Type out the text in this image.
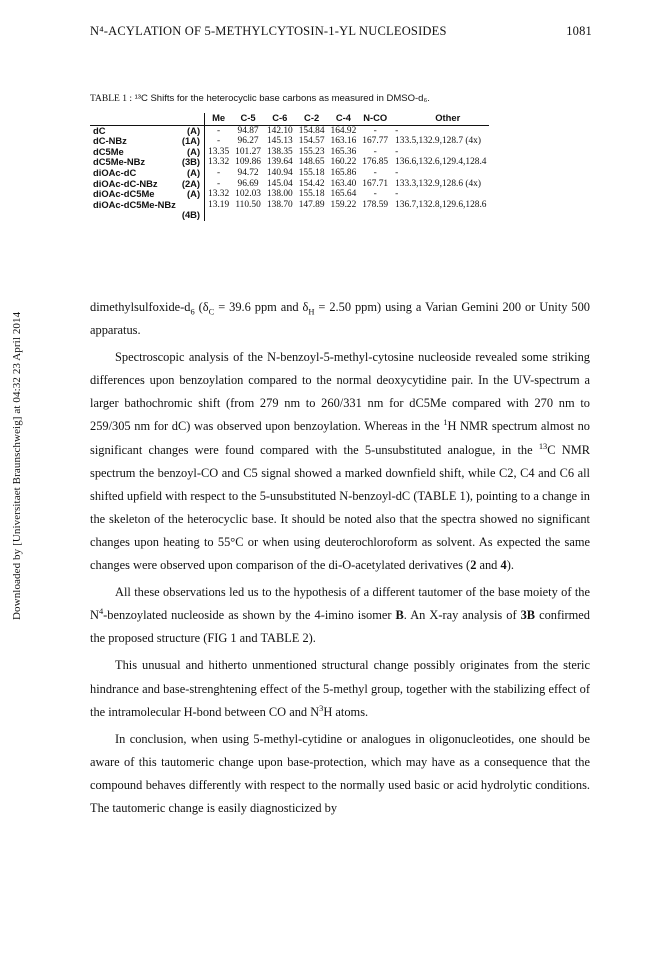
N⁴-ACYLATION OF 5-METHYLCYTOSIN-1-YL NUCLEOSIDES	1081
Downloaded by [Universitaet Braunschweig] at 04:32 23 April 2014
TABLE 1 : ¹³C Shifts for the heterocyclic base carbons as measured in DMSO-d₆.
		Me	C-5	C-6	C-2	C-4	N-CO	Other
dC	(A)	-	94.87	142.10	154.84	164.92	-	-
dC-NBz	(1A)	-	96.27	145.13	154.57	163.16	167.77	133.5,132.9,128.7 (4x)
dC5Me	(A)	13.35	101.27	138.35	155.23	165.36	-	-
dC5Me-NBz	(3B)	13.32	109.86	139.64	148.65	160.22	176.85	136.6,132.6,129.4,128.4
diOAc-dC	(A)	-	94.72	140.94	155.18	165.86	-	-
diOAc-dC-NBz	(2A)	-	96.69	145.04	154.42	163.40	167.71	133.3,132.9,128.6 (4x)
diOAc-dC5Me	(A)	13.32	102.03	138.00	155.18	165.64	-	-
diOAc-dC5Me-NBz		13.19	110.50	138.70	147.89	159.22	178.59	136.7,132.8,129.6,128.6
	(4B)							

dimethylsulfoxide-$d_6$ ($\delta_C = 39.6$ ppm and $\delta_H = 2.50$ ppm) using a Varian Gemini 200 or Unity 500 apparatus.

Spectroscopic analysis of the N-benzoyl-5-methyl-cytosine nucleoside revealed some striking differences upon benzoylation compared to the normal deoxycytidine pair. In the UV-spectrum a larger bathochromic shift (from 279 nm to 260/331 nm for dC5Me compared with 270 nm to 259/305 nm for dC) was observed upon benzoylation. Whereas in the $^1$H NMR spectrum almost no significant changes were found compared with the 5-unsubstituted analogue, in the $^{13}$C NMR spectrum the benzoyl-CO and C5 signal showed a marked downfield shift, while C2, C4 and C6 all shifted upfield with respect to the 5-unsubstituted N-benzoyl-dC (TABLE 1), pointing to a change in the skeleton of the heterocyclic base. It should be noted also that the spectra showed no significant changes upon heating to 55°C or when using deuterochloroform as solvent. As expected the same changes were observed upon comparison of the di-O-acetylated derivatives (2 and 4).

All these observations led us to the hypothesis of a different tautomer of the base moiety of the $N^4$-benzoylated nucleoside as shown by the 4-imino isomer B. An X-ray analysis of 3B confirmed the proposed structure (FIG 1 and TABLE 2).

This unusual and hitherto unmentioned structural change possibly originates from the steric hindrance and base-strenghtening effect of the 5-methyl group, together with the stabilizing effect of the intramolecular H-bond between CO and $N^3H$ atoms.

In conclusion, when using 5-methyl-cytidine or analogues in oligonucleotides, one should be aware of this tautomeric change upon base-protection, which may have as a consequence that the compound behaves differently with respect to the normally used basic or acid hydrolytic conditions. The tautomeric change is easily diagnosticized by
